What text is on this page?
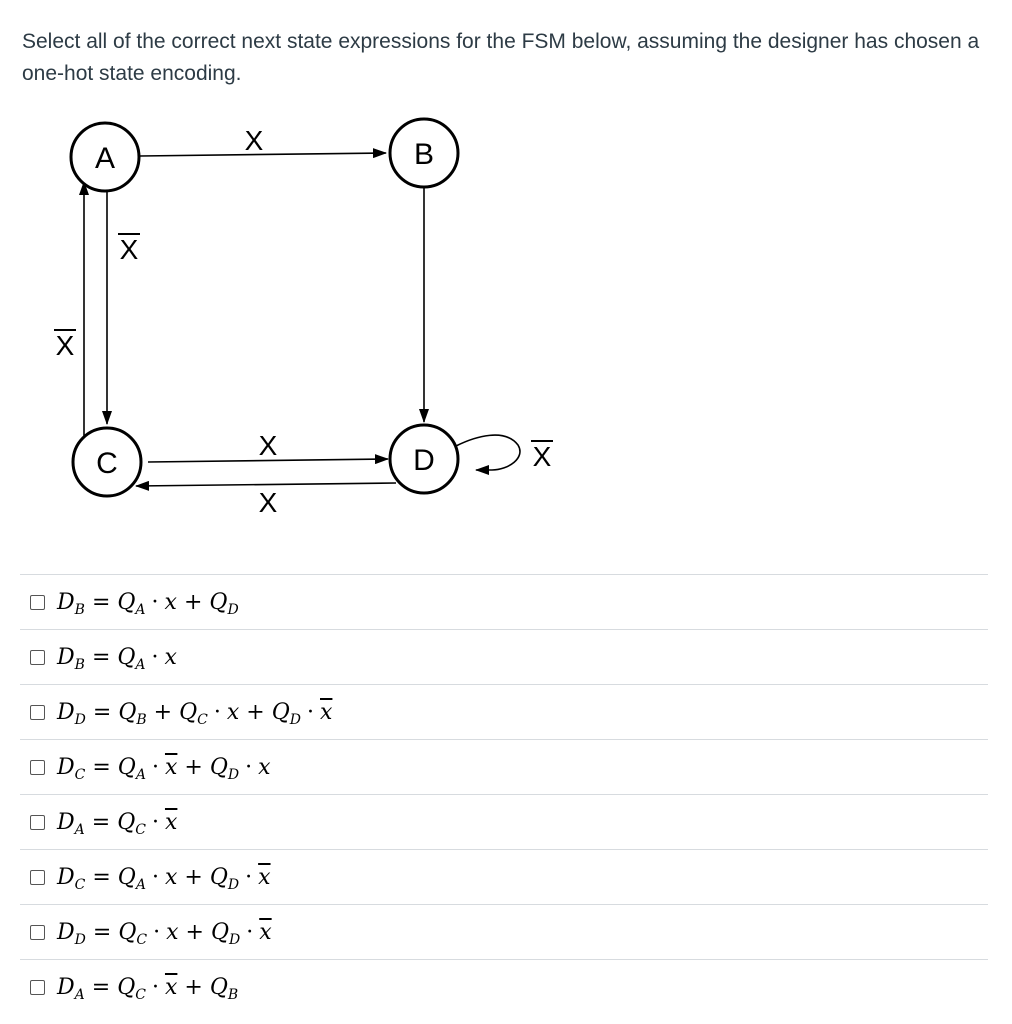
Select all of the correct next state expressions for the FSM below, assuming the designer has chosen a one-hot state encoding.
A	B
C	D
X
X
X
X
X
X
$D_B = Q_A \cdot x + Q_D$
$D_B = Q_A \cdot x$
$D_D = Q_B + Q_C \cdot x + Q_D \cdot \overline{x}$
$D_C = Q_A \cdot \overline{x} + Q_D \cdot x$
$D_A = Q_C \cdot \overline{x}$
$D_C = Q_A \cdot x + Q_D \cdot \overline{x}$
$D_D = Q_C \cdot x + Q_D \cdot \overline{x}$
$D_A = Q_C \cdot \overline{x} + Q_B$
